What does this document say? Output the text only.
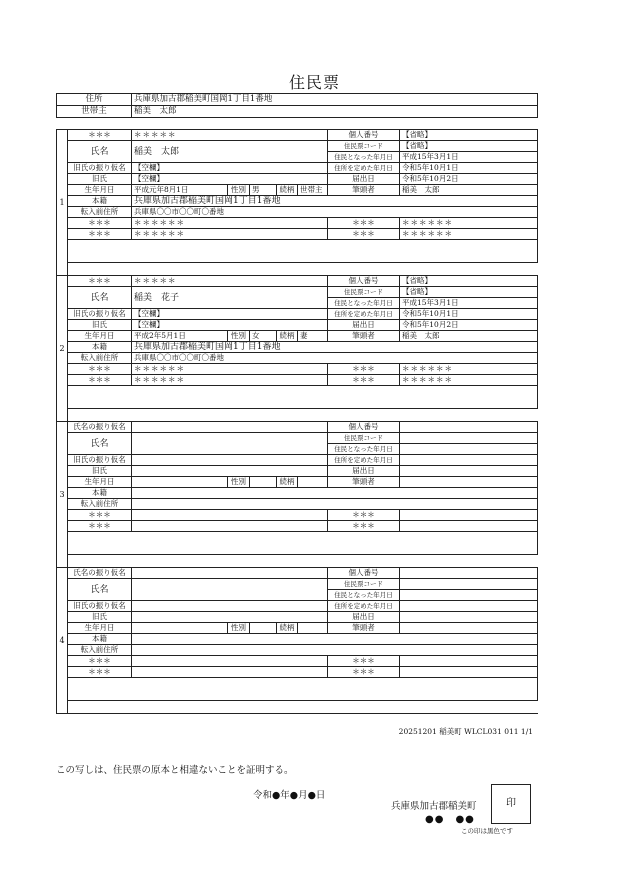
住民票
住所	兵庫県加古郡稲美町国岡1丁目1番地
世帯主	稲美　太郎
1	＊＊＊	＊＊＊＊＊					個人番号	【省略】
	氏名	稲美　太郎					住民票コード	【省略】
							住民となった年月日	平成15年3月1日
	旧氏の振り仮名	【空欄】					住所を定めた年月日	令和5年10月1日
	旧氏	【空欄】					届出日	令和5年10月2日
	生年月日	平成元年8月1日	性別	男	続柄	世帯主	筆頭者	稲美　太郎
	本籍	兵庫県加古郡稲美町国岡1丁目1番地						
	転入前住所	兵庫県〇〇市〇〇町〇番地						
	＊＊＊	＊＊＊＊＊＊					＊＊＊	＊＊＊＊＊＊
	＊＊＊	＊＊＊＊＊＊					＊＊＊	＊＊＊＊＊＊

2	＊＊＊	＊＊＊＊＊					個人番号	【省略】
	氏名	稲美　花子					住民票コード	【省略】
							住民となった年月日	平成15年3月1日
	旧氏の振り仮名	【空欄】					住所を定めた年月日	令和5年10月1日
	旧氏	【空欄】					届出日	令和5年10月2日
	生年月日	平成2年5月1日	性別	女	続柄	妻	筆頭者	稲美　太郎
	本籍	兵庫県加古郡稲美町国岡1丁目1番地						
	転入前住所	兵庫県〇〇市〇〇町〇番地						
	＊＊＊	＊＊＊＊＊＊					＊＊＊	＊＊＊＊＊＊
	＊＊＊	＊＊＊＊＊＊					＊＊＊	＊＊＊＊＊＊

3	氏名の振り仮名						個人番号	
	氏名						住民票コード	
							住民となった年月日	
	旧氏の振り仮名						住所を定めた年月日	
	旧氏						届出日	
	生年月日		性別		続柄		筆頭者	
	本籍							
	転入前住所							
	＊＊＊						＊＊＊	
	＊＊＊						＊＊＊	

4	氏名の振り仮名						個人番号	
	氏名						住民票コード	
							住民となった年月日	
	旧氏の振り仮名						住所を定めた年月日	
	旧氏						届出日	
	生年月日		性別		続柄		筆頭者	
	本籍							
	転入前住所							
	＊＊＊						＊＊＊	
	＊＊＊						＊＊＊	

20251201 稲美町 WLCL031 011 1/1
この写しは、住民票の原本と相違ないことを証明する。
令和●年●月●日
兵庫県加古郡稲美町
●●　●●
印
この印は黒色です
